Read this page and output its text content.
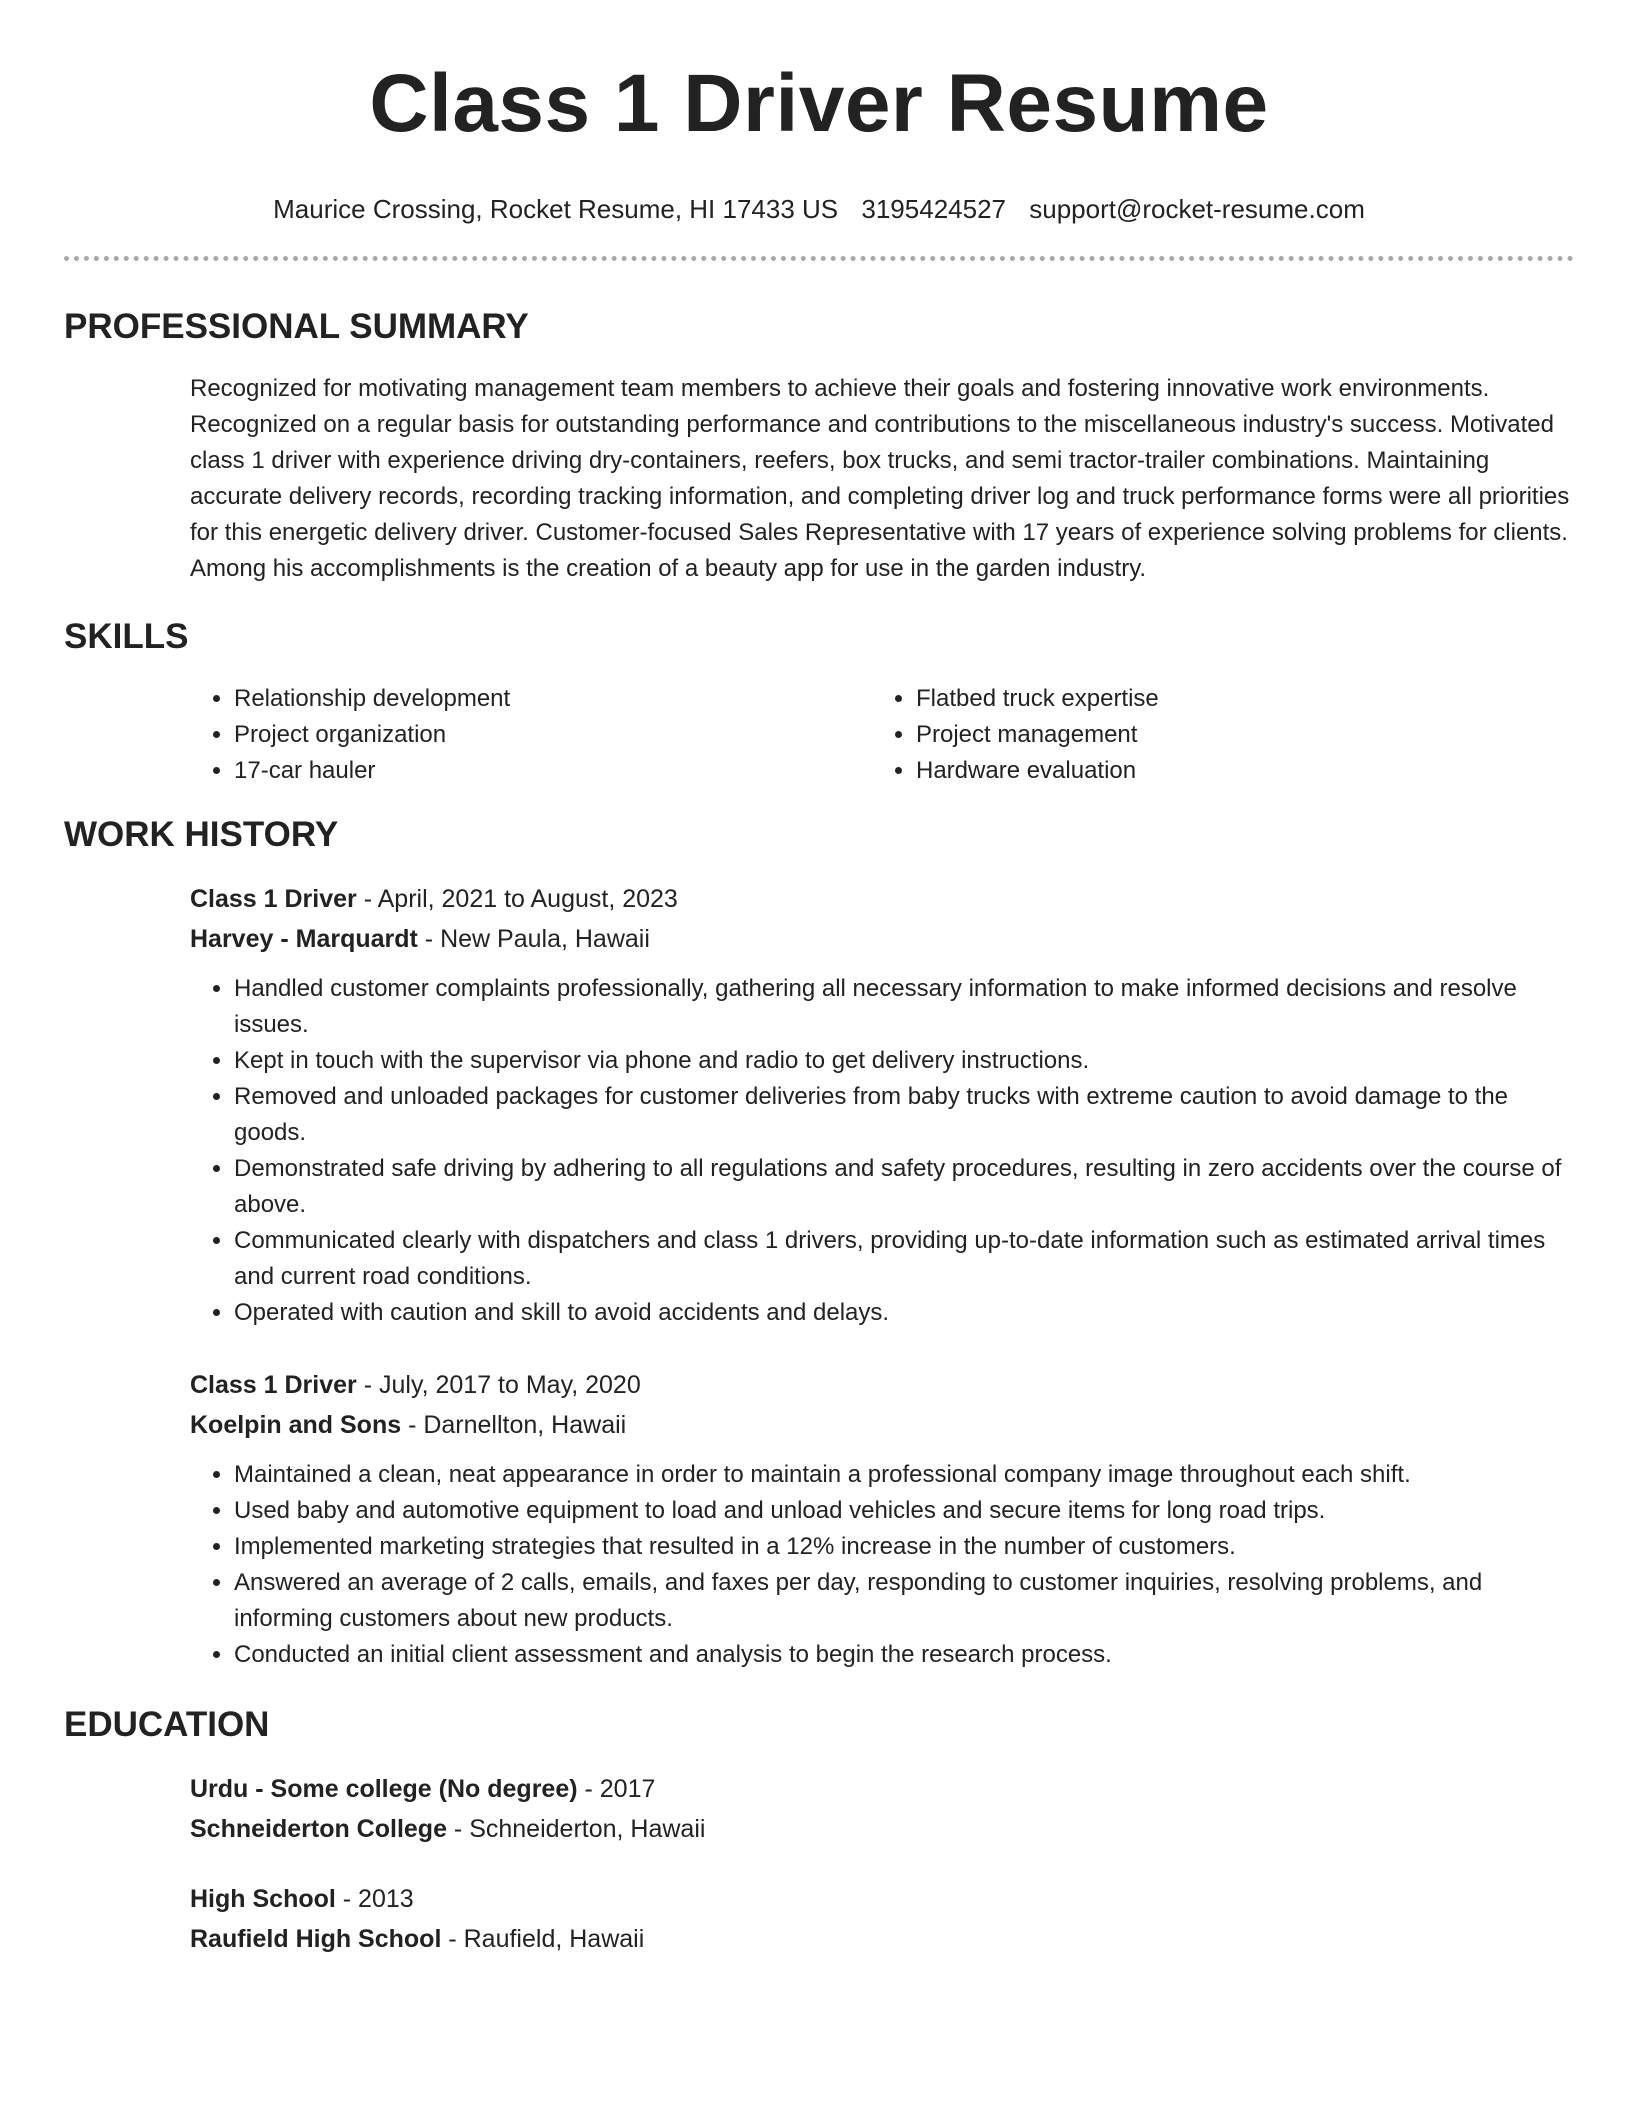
Class 1 Driver Resume
Maurice Crossing, Rocket Resume, HI 17433 US 3195424527 support@rocket-resume.com
PROFESSIONAL SUMMARY

Recognized for motivating management team members to achieve their goals and fostering innovative work environments. Recognized on a regular basis for outstanding performance and contributions to the miscellaneous industry's success. Motivated class 1 driver with experience driving dry-containers, reefers, box trucks, and semi tractor-trailer combinations. Maintaining accurate delivery records, recording tracking information, and completing driver log and truck performance forms were all priorities for this energetic delivery driver. Customer-focused Sales Representative with 17 years of experience solving problems for clients. Among his accomplishments is the creation of a beauty app for use in the garden industry.

SKILLS
• Relationship development
• Project organization
• 17-car hauler
• Flatbed truck expertise
• Project management
• Hardware evaluation
WORK HISTORY
Class 1 Driver - April, 2021 to August, 2023
Harvey - Marquardt - New Paula, Hawaii
• Handled customer complaints professionally, gathering all necessary information to make informed decisions and resolve issues.
• Kept in touch with the supervisor via phone and radio to get delivery instructions.
• Removed and unloaded packages for customer deliveries from baby trucks with extreme caution to avoid damage to the goods.
• Demonstrated safe driving by adhering to all regulations and safety procedures, resulting in zero accidents over the course of above.
• Communicated clearly with dispatchers and class 1 drivers, providing up-to-date information such as estimated arrival times and current road conditions.
• Operated with caution and skill to avoid accidents and delays.
Class 1 Driver - July, 2017 to May, 2020
Koelpin and Sons - Darnellton, Hawaii
• Maintained a clean, neat appearance in order to maintain a professional company image throughout each shift.
• Used baby and automotive equipment to load and unload vehicles and secure items for long road trips.
• Implemented marketing strategies that resulted in a 12% increase in the number of customers.
• Answered an average of 2 calls, emails, and faxes per day, responding to customer inquiries, resolving problems, and informing customers about new products.
• Conducted an initial client assessment and analysis to begin the research process.
EDUCATION
Urdu - Some college (No degree) - 2017
Schneiderton College - Schneiderton, Hawaii
High School - 2013
Raufield High School - Raufield, Hawaii
